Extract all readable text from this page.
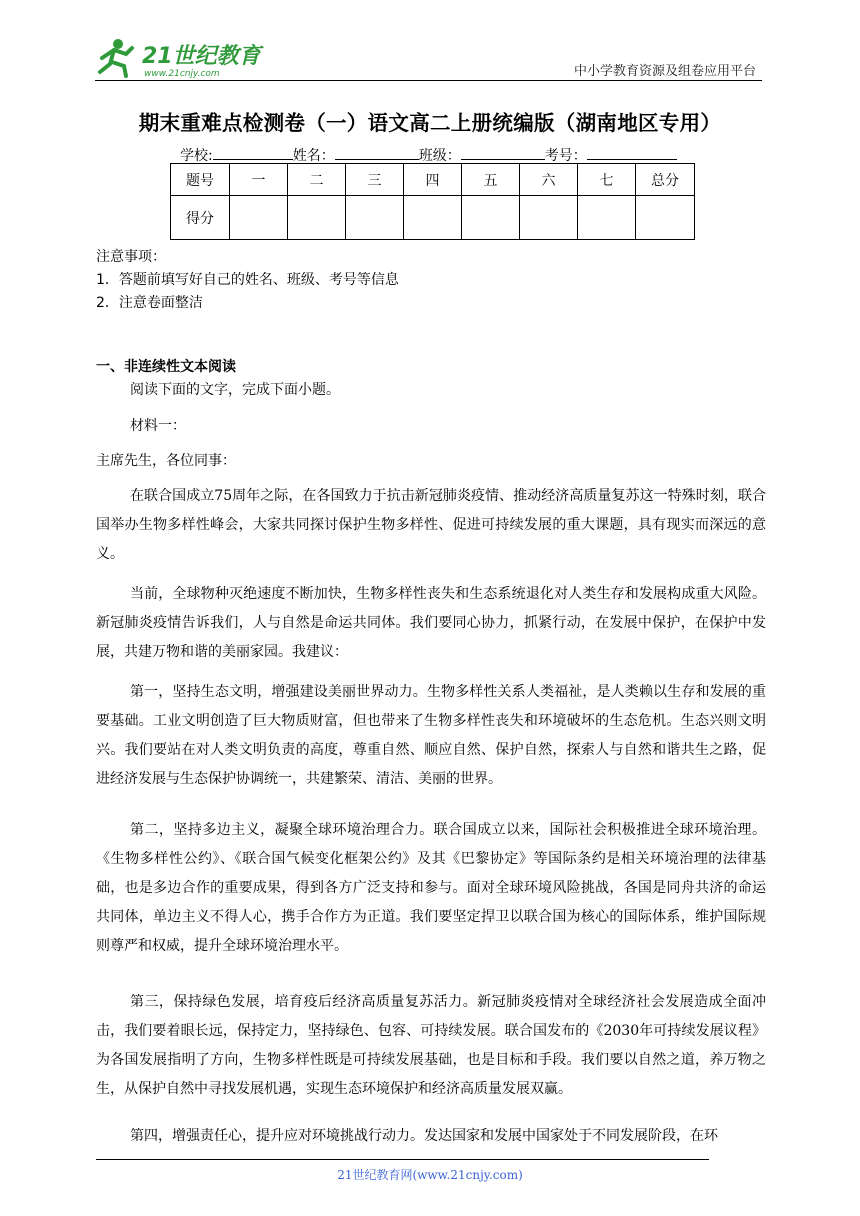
21世纪教育
www.21cnjy.com	中小学教育资源及组卷应用平台
期末重难点检测卷（一）语文高二上册统编版（湖南地区专用）
学校:	姓名：	班级：	考号：
题号	一	二	三	四	五	六	七	总分
得分								
注意事项：
1．答题前填写好自己的姓名、班级、考号等信息
2．注意卷面整洁
一、非连续性文本阅读
阅读下面的文字，完成下面小题。
材料一：
主席先生，各位同事：
在联合国成立75周年之际，在各国致力于抗击新冠肺炎疫情、推动经济高质量复苏这一特殊时刻，联合国举办生物多样性峰会，大家共同探讨保护生物多样性、促进可持续发展的重大课题，具有现实而深远的意义。
当前，全球物种灭绝速度不断加快，生物多样性丧失和生态系统退化对人类生存和发展构成重大风险。新冠肺炎疫情告诉我们，人与自然是命运共同体。我们要同心协力，抓紧行动，在发展中保护，在保护中发展，共建万物和谐的美丽家园。我建议：
第一，坚持生态文明，增强建设美丽世界动力。生物多样性关系人类福祉，是人类赖以生存和发展的重要基础。工业文明创造了巨大物质财富，但也带来了生物多样性丧失和环境破坏的生态危机。生态兴则文明兴。我们要站在对人类文明负责的高度，尊重自然、顺应自然、保护自然，探索人与自然和谐共生之路，促进经济发展与生态保护协调统一，共建繁荣、清洁、美丽的世界。
第二，坚持多边主义，凝聚全球环境治理合力。联合国成立以来，国际社会积极推进全球环境治理。《生物多样性公约》、《联合国气候变化框架公约》及其《巴黎协定》等国际条约是相关环境治理的法律基础，也是多边合作的重要成果，得到各方广泛支持和参与。面对全球环境风险挑战，各国是同舟共济的命运共同体，单边主义不得人心，携手合作方为正道。我们要坚定捍卫以联合国为核心的国际体系，维护国际规则尊严和权威，提升全球环境治理水平。
第三，保持绿色发展，培育疫后经济高质量复苏活力。新冠肺炎疫情对全球经济社会发展造成全面冲击，我们要着眼长远，保持定力，坚持绿色、包容、可持续发展。联合国发布的《2030年可持续发展议程》为各国发展指明了方向，生物多样性既是可持续发展基础，也是目标和手段。我们要以自然之道，养万物之生，从保护自然中寻找发展机遇，实现生态环境保护和经济高质量发展双赢。
第四，增强责任心，提升应对环境挑战行动力。发达国家和发展中国家处于不同发展阶段，在环
21世纪教育网(www.21cnjy.com)
